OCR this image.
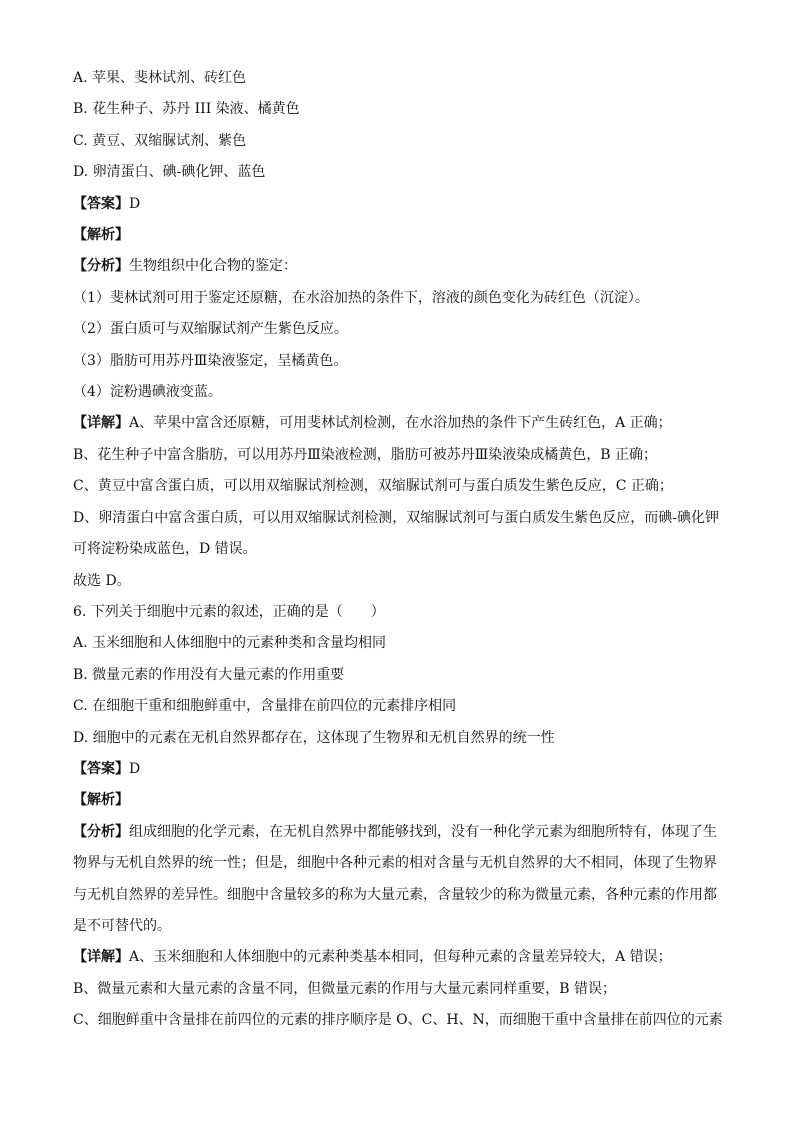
A. 苹果、斐林试剂、砖红色
B. 花生种子、苏丹 III 染液、橘黄色
C. 黄豆、双缩脲试剂、紫色
D. 卵清蛋白、碘-碘化钾、蓝色
【答案】D
【解析】
【分析】生物组织中化合物的鉴定：
（1）斐林试剂可用于鉴定还原糖，在水浴加热的条件下，溶液的颜色变化为砖红色（沉淀）。
（2）蛋白质可与双缩脲试剂产生紫色反应。
（3）脂肪可用苏丹Ⅲ染液鉴定，呈橘黄色。
（4）淀粉遇碘液变蓝。
【详解】A、苹果中富含还原糖，可用斐林试剂检测，在水浴加热的条件下产生砖红色，A 正确；
B、花生种子中富含脂肪，可以用苏丹Ⅲ染液检测，脂肪可被苏丹Ⅲ染液染成橘黄色，B 正确；
C、黄豆中富含蛋白质，可以用双缩脲试剂检测，双缩脲试剂可与蛋白质发生紫色反应，C 正确；
D、卵清蛋白中富含蛋白质，可以用双缩脲试剂检测，双缩脲试剂可与蛋白质发生紫色反应，而碘-碘化钾
可将淀粉染成蓝色，D 错误。
故选 D。
6. 下列关于细胞中元素的叙述，正确的是（　　）
A. 玉米细胞和人体细胞中的元素种类和含量均相同
B. 微量元素的作用没有大量元素的作用重要
C. 在细胞干重和细胞鲜重中，含量排在前四位的元素排序相同
D. 细胞中的元素在无机自然界都存在，这体现了生物界和无机自然界的统一性
【答案】D
【解析】
【分析】组成细胞的化学元素，在无机自然界中都能够找到，没有一种化学元素为细胞所特有，体现了生
物界与无机自然界的统一性；但是，细胞中各种元素的相对含量与无机自然界的大不相同，体现了生物界
与无机自然界的差异性。细胞中含量较多的称为大量元素，含量较少的称为微量元素，各种元素的作用都
是不可替代的。
【详解】A、玉米细胞和人体细胞中的元素种类基本相同，但每种元素的含量差异较大，A 错误；
B、微量元素和大量元素的含量不同，但微量元素的作用与大量元素同样重要，B 错误；
C、细胞鲜重中含量排在前四位的元素的排序顺序是 O、C、H、N，而细胞干重中含量排在前四位的元素
